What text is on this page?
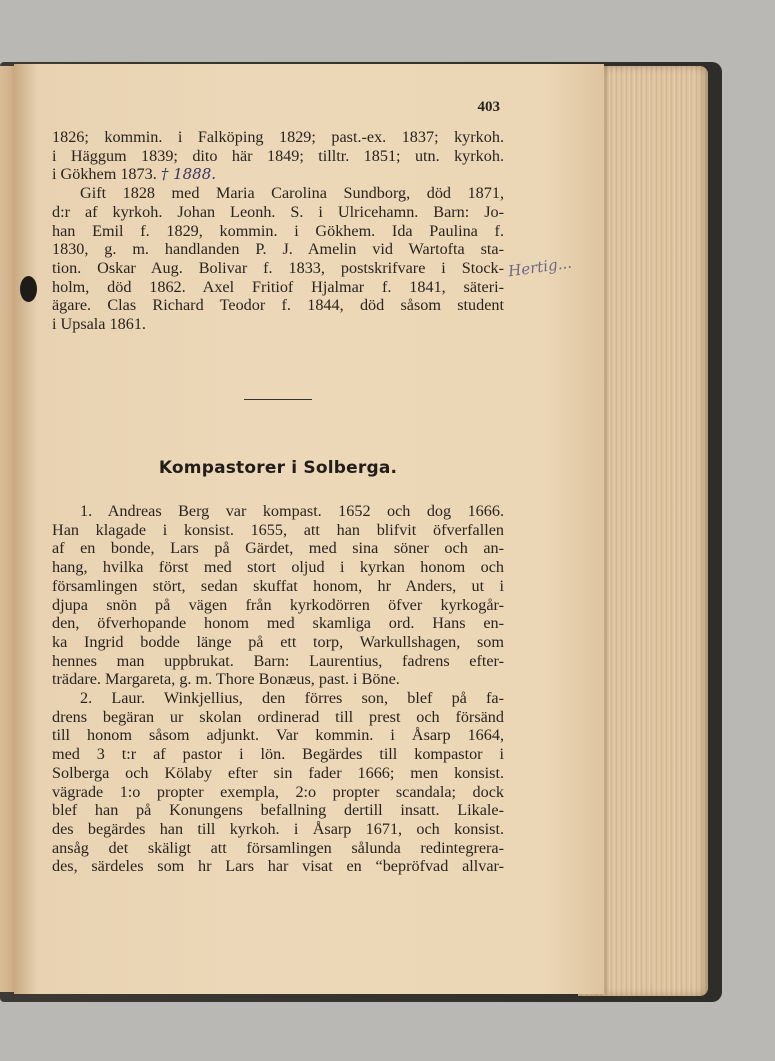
403
1826; kommin. i Falköping 1829; past.-ex. 1837; kyrkoh.
i Häggum 1839; dito här 1849; tilltr. 1851; utn. kyrkoh.
i Gökhem 1873. † 1888.
Gift 1828 med Maria Carolina Sundborg, död 1871,
d:r af kyrkoh. Johan Leonh. S. i Ulricehamn. Barn: Jo-
han Emil f. 1829, kommin. i Gökhem. Ida Paulina f.
1830, g. m. handlanden P. J. Amelin vid Wartofta sta-
tion. Oskar Aug. Bolivar f. 1833, postskrifvare i Stock-
holm, död 1862. Axel Fritiof Hjalmar f. 1841, säteri-
ägare. Clas Richard Teodor f. 1844, död såsom student
i Upsala 1861.
Hertig...
Kompastorer i Solberga.
1. Andreas Berg var kompast. 1652 och dog 1666.
Han klagade i konsist. 1655, att han blifvit öfverfallen
af en bonde, Lars på Gärdet, med sina söner och an-
hang, hvilka först med stort oljud i kyrkan honom och
församlingen stört, sedan skuffat honom, hr Anders, ut i
djupa snön på vägen från kyrkodörren öfver kyrkogår-
den, öfverhopande honom med skamliga ord. Hans en-
ka Ingrid bodde länge på ett torp, Warkullshagen, som
hennes man uppbrukat. Barn: Laurentius, fadrens efter-
trädare. Margareta, g. m. Thore Bonæus, past. i Böne.
2. Laur. Winkjellius, den förres son, blef på fa-
drens begäran ur skolan ordinerad till prest och försänd
till honom såsom adjunkt. Var kommin. i Åsarp 1664,
med 3 t:r af pastor i lön. Begärdes till kompastor i
Solberga och Kölaby efter sin fader 1666; men konsist.
vägrade 1:o propter exempla, 2:o propter scandala; dock
blef han på Konungens befallning dertill insatt. Likale-
des begärdes han till kyrkoh. i Åsarp 1671, och konsist.
ansåg det skäligt att församlingen sålunda redintegrera-
des, särdeles som hr Lars har visat en “bepröfvad allvar-
